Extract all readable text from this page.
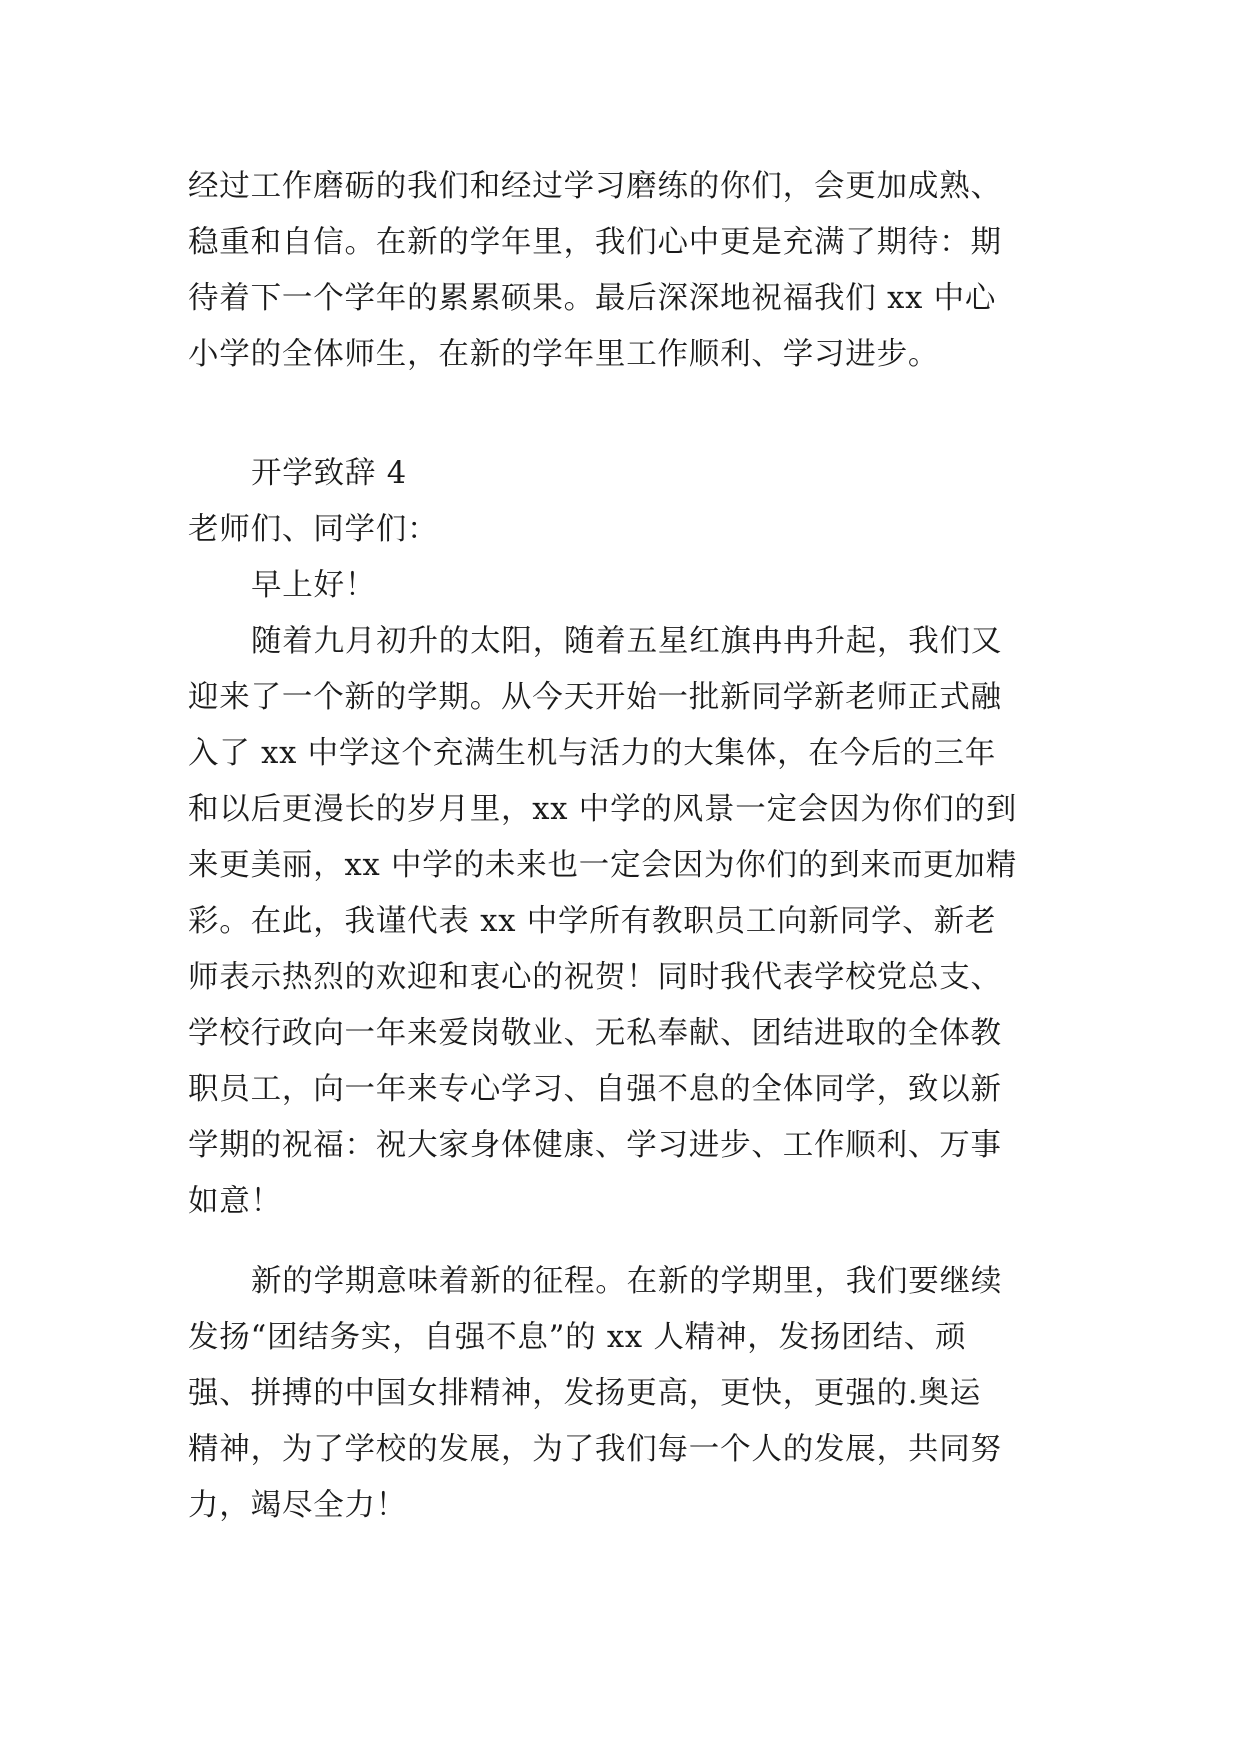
经过工作磨砺的我们和经过学习磨练的你们，会更加成熟、
稳重和自信。在新的学年里，我们心中更是充满了期待：期
待着下一个学年的累累硕果。最后深深地祝福我们 xx 中心
小学的全体师生，在新的学年里工作顺利、学习进步。
开学致辞 4
老师们、同学们：
早上好！
随着九月初升的太阳，随着五星红旗冉冉升起，我们又
迎来了一个新的学期。从今天开始一批新同学新老师正式融
入了 xx 中学这个充满生机与活力的大集体，在今后的三年
和以后更漫长的岁月里，xx 中学的风景一定会因为你们的到
来更美丽，xx 中学的未来也一定会因为你们的到来而更加精
彩。在此，我谨代表 xx 中学所有教职员工向新同学、新老
师表示热烈的欢迎和衷心的祝贺！同时我代表学校党总支、
学校行政向一年来爱岗敬业、无私奉献、团结进取的全体教
职员工，向一年来专心学习、自强不息的全体同学，致以新
学期的祝福：祝大家身体健康、学习进步、工作顺利、万事
如意！
新的学期意味着新的征程。在新的学期里，我们要继续
发扬“团结务实，自强不息”的 xx 人精神，发扬团结、顽
强、拼搏的中国女排精神，发扬更高，更快，更强的.奥运
精神，为了学校的发展，为了我们每一个人的发展，共同努
力，竭尽全力！
